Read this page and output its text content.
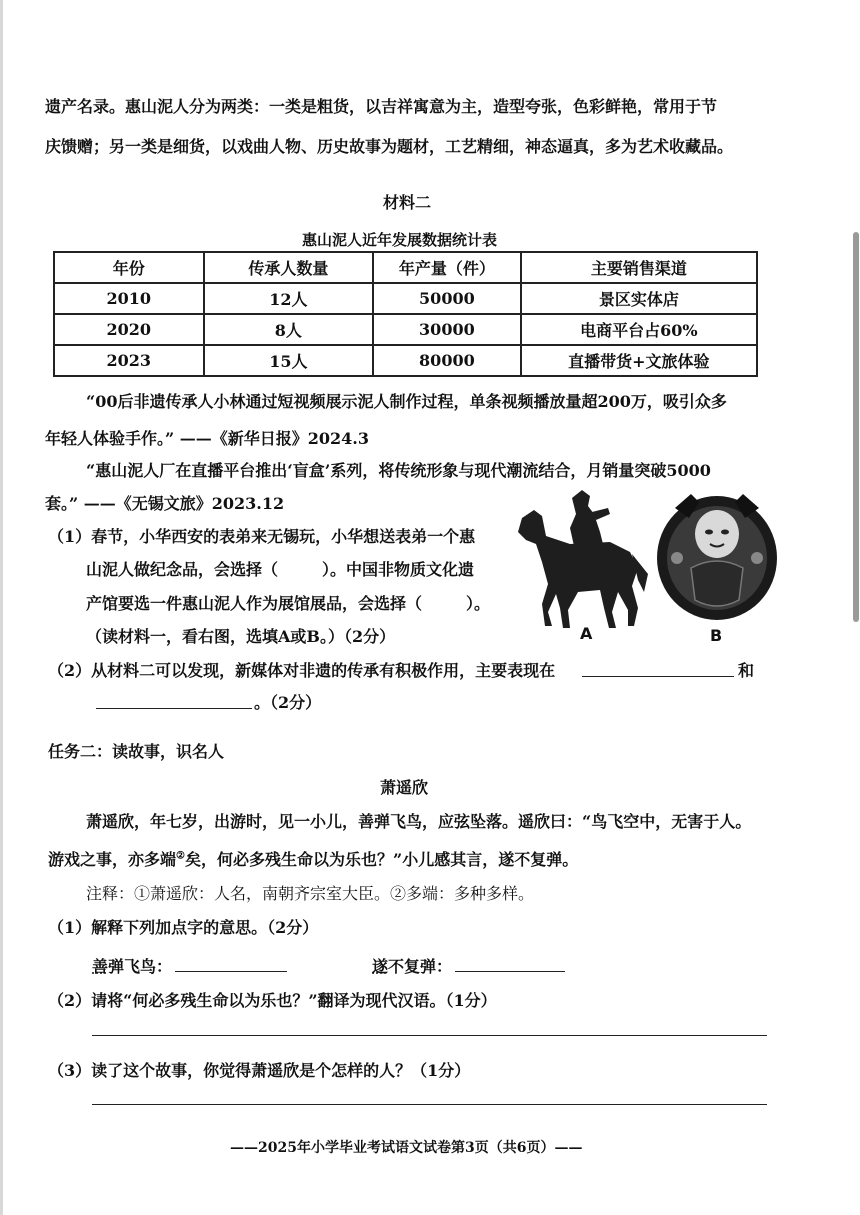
遗产名录。惠山泥人分为两类：一类是粗货，以吉祥寓意为主，造型夸张，色彩鲜艳，常用于节
庆馈赠；另一类是细货，以戏曲人物、历史故事为题材，工艺精细，神态逼真，多为艺术收藏品。
材料二
惠山泥人近年发展数据统计表
年份	传承人数量	年产量（件）	主要销售渠道
2010	12人	50000	景区实体店
2020	8人	30000	电商平台占60%
2023	15人	80000	直播带货+文旅体验
“00后非遗传承人小林通过短视频展示泥人制作过程，单条视频播放量超200万，吸引众多
年轻人体验手作。” ——《新华日报》2024.3
“惠山泥人厂在直播平台推出‘盲盒’系列，将传统形象与现代潮流结合，月销量突破5000
套。” ——《无锡文旅》2023.12
（1）春节，小华西安的表弟来无锡玩，小华想送表弟一个惠
山泥人做纪念品，会选择（	）。中国非物质文化遗
产馆要选一件惠山泥人作为展馆展品，会选择（	）。
（读材料一，看右图，选填A或B。）（2分）	A	B
（2）从材料二可以发现，新媒体对非遗的传承有积极作用，主要表现在	和
。（2分）
任务二：读故事，识名人
萧遥欣
萧遥欣，年七岁，出游时，见一小儿，善弹飞鸟，应弦坠落。遥欣曰：“鸟飞空中，无害于人。
游戏之事，亦多端②矣，何必多残生命以为乐也？”小儿感其言，遂不复弹。
注释：①萧遥欣：人名，南朝齐宗室大臣。②多端：多种多样。
（1）解释下列加点字的意思。（2分）
善弹飞鸟：	遂不复弹：
（2）请将“何必多残生命以为乐也？”翻译为现代汉语。（1分）
（3）读了这个故事，你觉得萧遥欣是个怎样的人？（1分）
——2025年小学毕业考试语文试卷第3页（共6页）——
